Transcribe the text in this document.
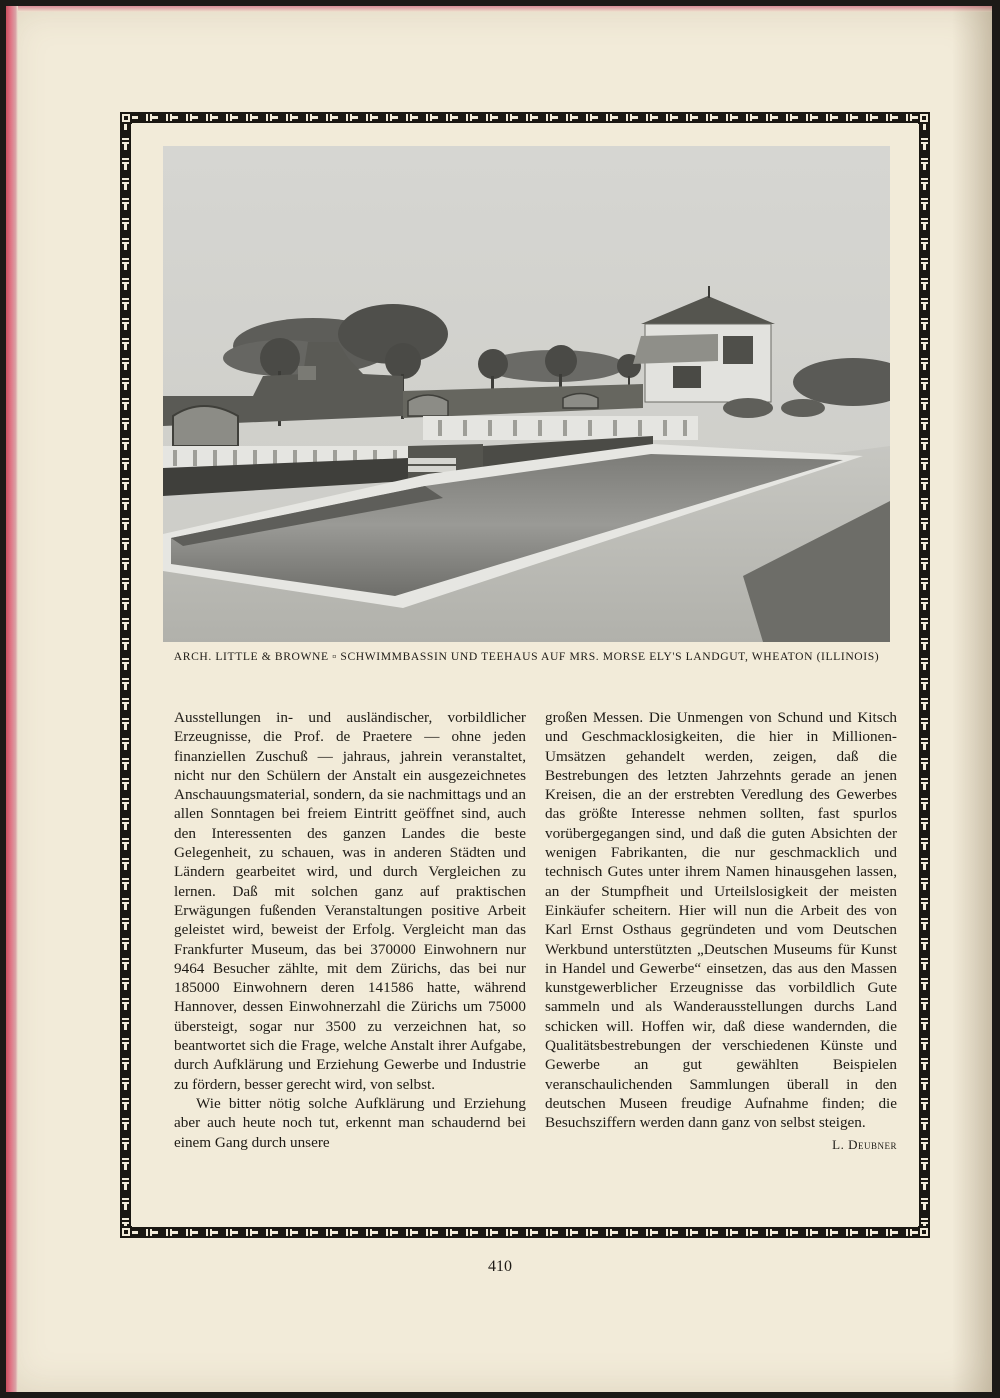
ARCH. LITTLE & BROWNE ▫ SCHWIMMBASSIN UND TEEHAUS AUF MRS. MORSE ELY'S LANDGUT, WHEATON (ILLINOIS)

Ausstellungen in- und ausländischer, vorbildlicher Erzeugnisse, die Prof. de Praetere — ohne jeden finanziellen Zuschuß — jahraus, jahrein veranstaltet, nicht nur den Schülern der Anstalt ein ausgezeichnetes Anschauungsmaterial, sondern, da sie nachmittags und an allen Sonntagen bei freiem Eintritt geöffnet sind, auch den Interessenten des ganzen Landes die beste Gelegenheit, zu schauen, was in anderen Städten und Ländern gearbeitet wird, und durch Vergleichen zu lernen. Daß mit solchen ganz auf praktischen Erwägungen fußenden Veranstaltungen positive Arbeit geleistet wird, beweist der Erfolg. Vergleicht man das Frankfurter Museum, das bei 370000 Einwohnern nur 9464 Besucher zählte, mit dem Zürichs, das bei nur 185000 Einwohnern deren 141586 hatte, während Hannover, dessen Einwohnerzahl die Zürichs um 75000 übersteigt, sogar nur 3500 zu verzeichnen hat, so beantwortet sich die Frage, welche Anstalt ihrer Aufgabe, durch Aufklärung und Erziehung Gewerbe und Industrie zu fördern, besser gerecht wird, von selbst.

Wie bitter nötig solche Aufklärung und Erziehung aber auch heute noch tut, erkennt man schaudernd bei einem Gang durch unsere

großen Messen. Die Unmengen von Schund und Kitsch und Geschmacklosigkeiten, die hier in Millionen-Umsätzen gehandelt werden, zeigen, daß die Bestrebungen des letzten Jahrzehnts gerade an jenen Kreisen, die an der erstrebten Veredlung des Gewerbes das größte Interesse nehmen sollten, fast spurlos vorübergegangen sind, und daß die guten Absichten der wenigen Fabrikanten, die nur geschmacklich und technisch Gutes unter ihrem Namen hinausgehen lassen, an der Stumpfheit und Urteilslosigkeit der meisten Einkäufer scheitern. Hier will nun die Arbeit des von Karl Ernst Osthaus gegründeten und vom Deutschen Werkbund unterstützten „Deutschen Museums für Kunst in Handel und Gewerbe“ einsetzen, das aus den Massen kunstgewerblicher Erzeugnisse das vorbildlich Gute sammeln und als Wanderausstellungen durchs Land schicken will. Hoffen wir, daß diese wandernden, die Qualitätsbestrebungen der verschiedenen Künste und Gewerbe an gut gewählten Beispielen veranschaulichenden Sammlungen überall in den deutschen Museen freudige Aufnahme finden; die Besuchsziffern werden dann ganz von selbst steigen.

L. Deubner
410
